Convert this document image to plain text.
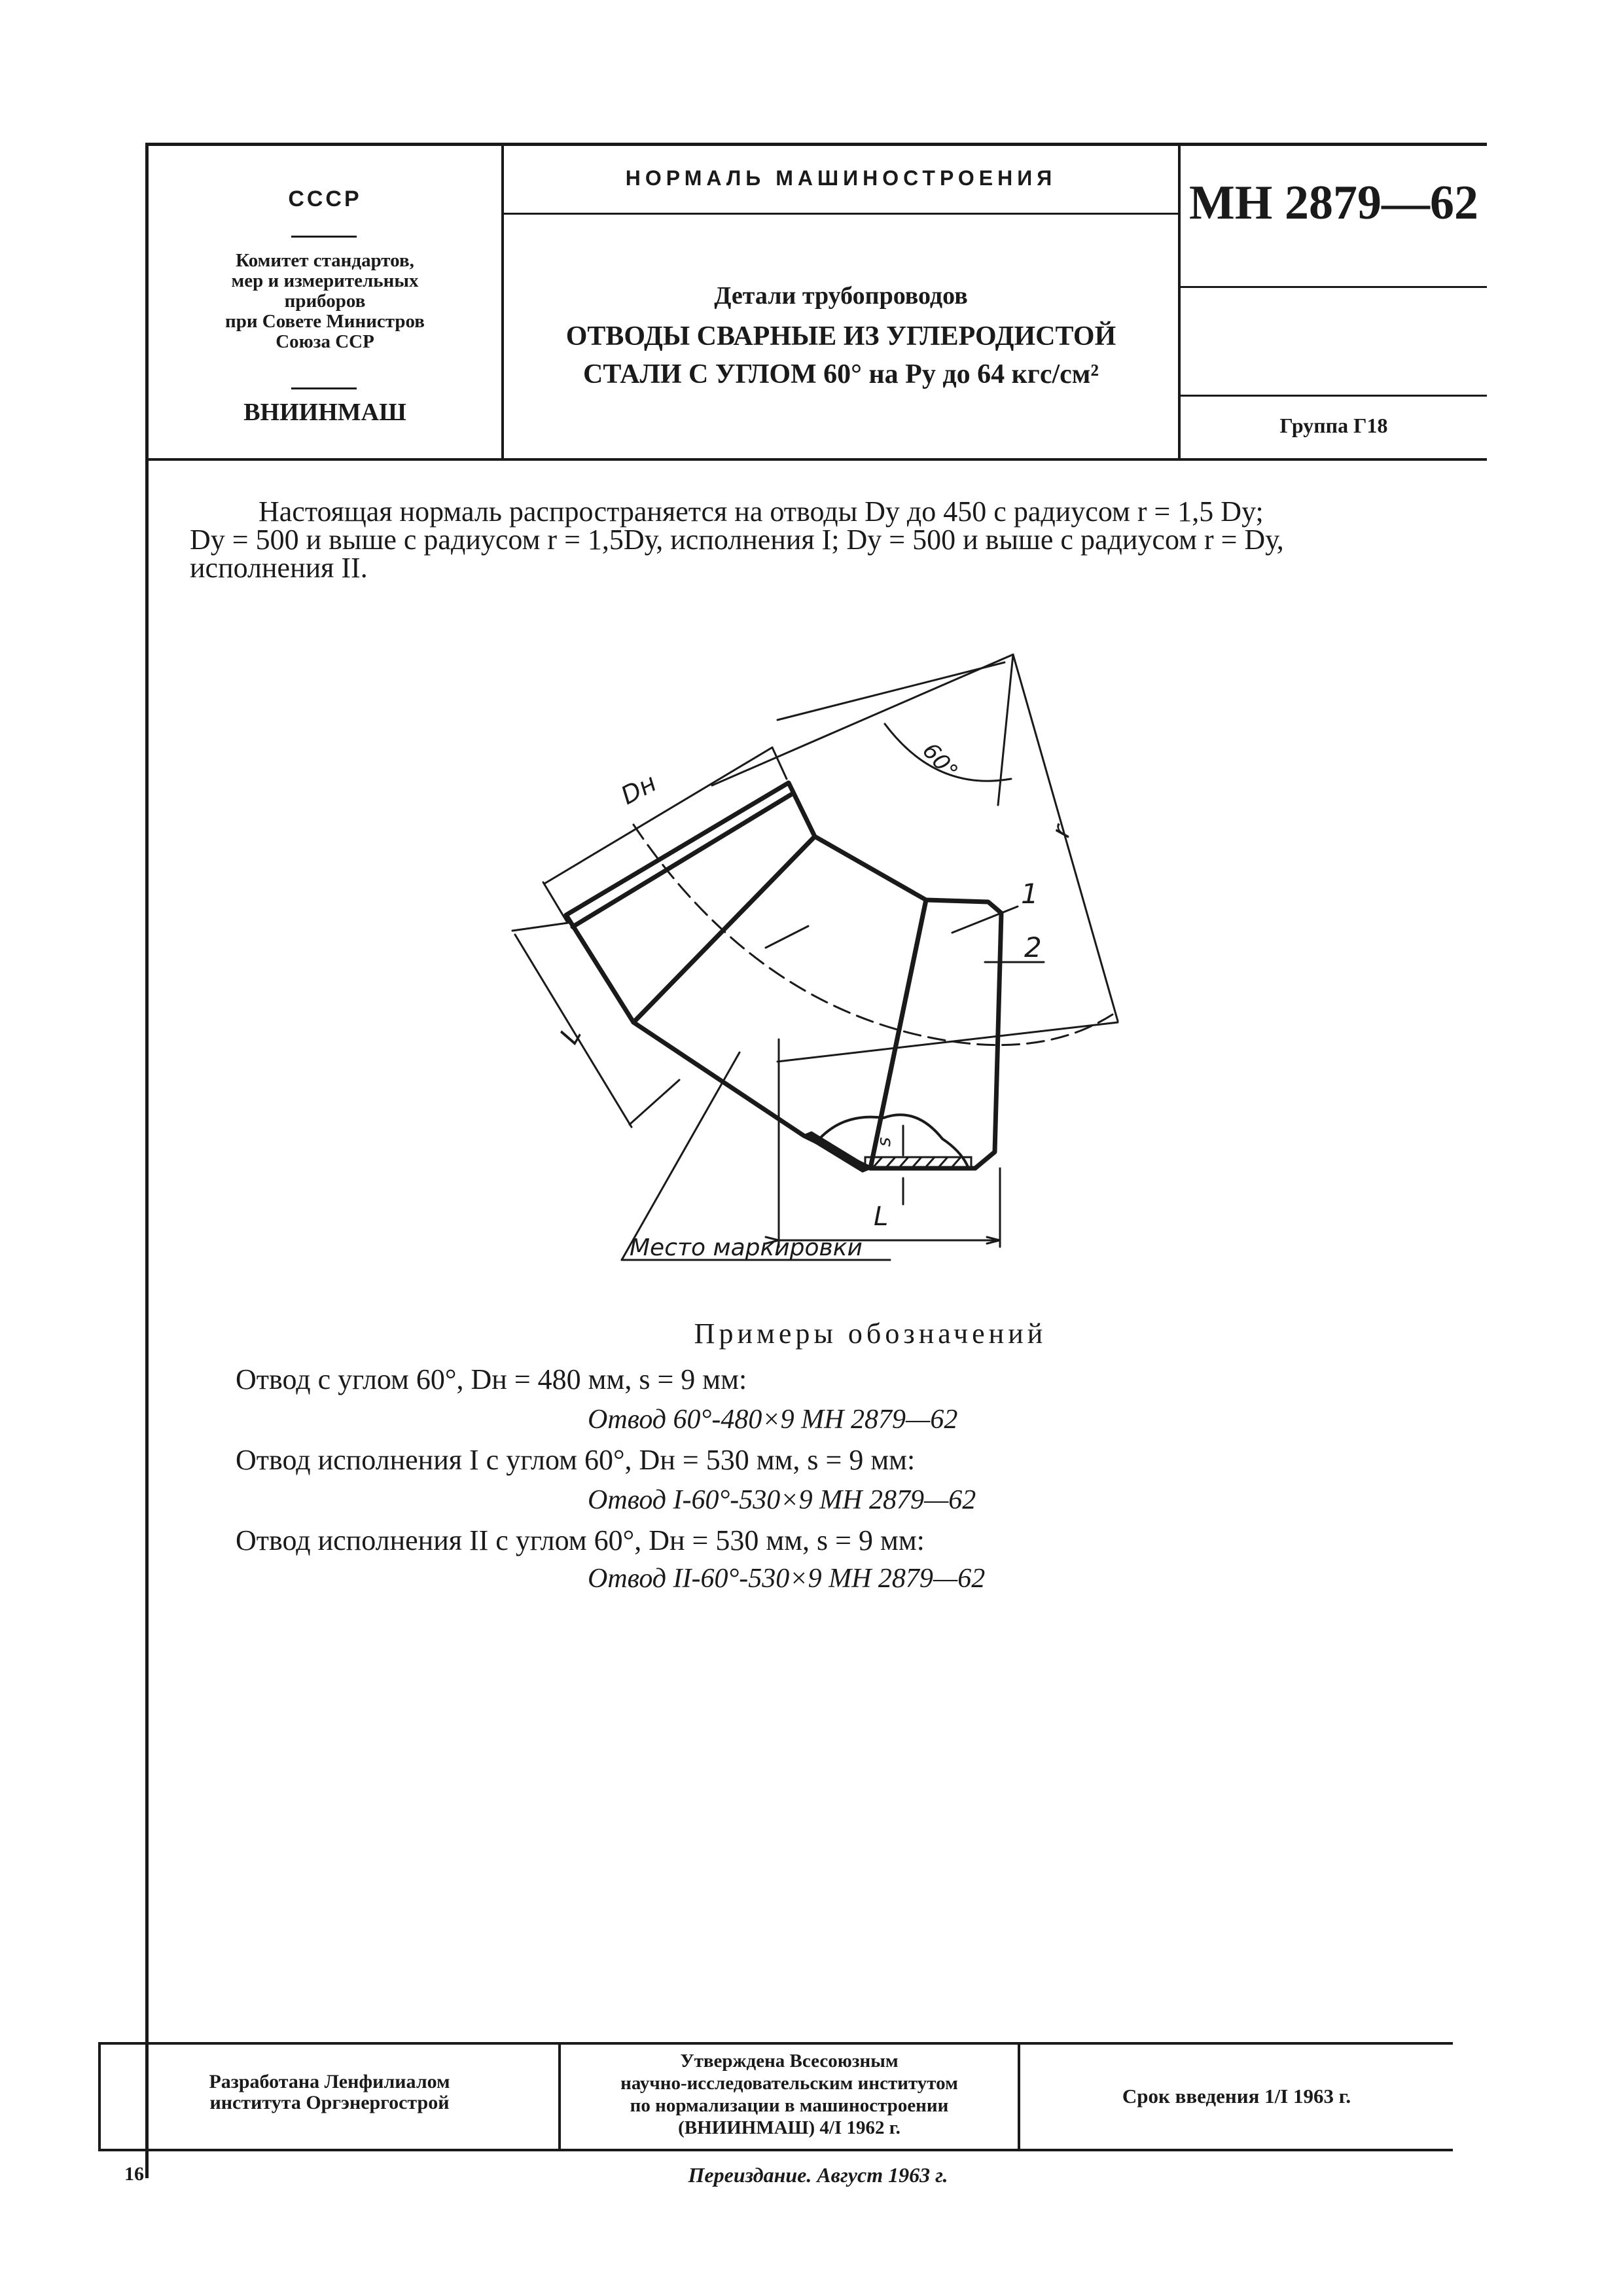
СССР
Комитет стандартов,
мер и измерительных
приборов
при Совете Министров
Союза ССР
ВНИИНМАШ
НОРМАЛЬ МАШИНОСТРОЕНИЯ
Детали трубопроводов
ОТВОДЫ СВАРНЫЕ ИЗ УГЛЕРОДИСТОЙ
СТАЛИ С УГЛОМ 60° на Pу до 64 кгс/см²
МН 2879—62
Группа Г18

Настоящая нормаль распространяется на отводы Dу до 450 с радиусом r = 1,5 Dу;

Dу = 500 и выше с радиусом r = 1,5Dу, исполнения I; Dу = 500 и выше с радиусом r = Dу,

исполнения II.

Dн
60°
r
L
L
s
1
2
Место маркировки
Примеры обозначений
Отвод с углом 60°, Dн = 480 мм, s = 9 мм:
Отвод 60°-480×9 МН 2879—62
Отвод исполнения I с углом 60°, Dн = 530 мм, s = 9 мм:
Отвод I-60°-530×9 МН 2879—62
Отвод исполнения II с углом 60°, Dн = 530 мм, s = 9 мм:
Отвод II-60°-530×9 МН 2879—62
Разработана Ленфилиалом
института Оргэнергострой
Утверждена Всесоюзным
научно-исследовательским институтом
по нормализации в машиностроении
(ВНИИНМАШ) 4/I 1962 г.
Срок введения 1/I 1963 г.
16	Переиздание. Август 1963 г.
